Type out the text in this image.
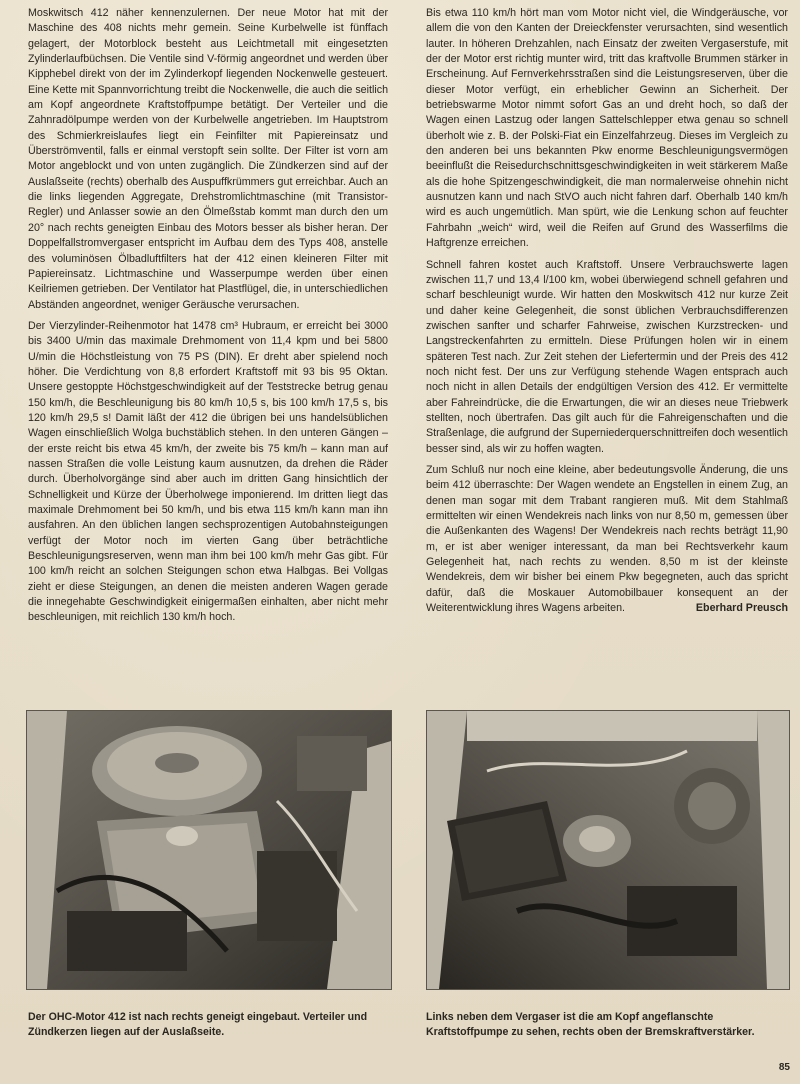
Moskwitsch 412 näher kennenzulernen. Der neue Motor hat mit der Maschine des 408 nichts mehr gemein. Seine Kurbelwelle ist fünffach gelagert, der Motorblock besteht aus Leichtmetall mit eingesetzten Zylinderlaufbüchsen. Die Ventile sind V-förmig angeordnet und werden über Kipphebel direkt von der im Zylinderkopf liegenden Nockenwelle gesteuert. Eine Kette mit Spannvorrichtung treibt die Nockenwelle, die auch die seitlich am Kopf angeordnete Kraftstoffpumpe betätigt. Der Verteiler und die Zahnradölpumpe werden von der Kurbelwelle angetrieben. Im Hauptstrom des Schmierkreislaufes liegt ein Feinfilter mit Papiereinsatz und Überströmventil, falls er einmal verstopft sein sollte. Der Filter ist vorn am Motor angeblockt und von unten zugänglich. Die Zündkerzen sind auf der Auslaßseite (rechts) oberhalb des Auspuffkrümmers gut erreichbar. Auch an die links liegenden Aggregate, Drehstromlichtmaschine (mit Transistor-Regler) und Anlasser sowie an den Ölmeßstab kommt man durch den um 20° nach rechts geneigten Einbau des Motors besser als bisher heran. Der Doppelfallstromvergaser entspricht im Aufbau dem des Typs 408, anstelle des voluminösen Ölbadluftfilters hat der 412 einen kleineren Filter mit Papiereinsatz. Lichtmaschine und Wasserpumpe werden über einen Keilriemen getrieben. Der Ventilator hat Plastflügel, die, in unterschiedlichen Abständen angeordnet, weniger Geräusche verursachen.

Der Vierzylinder-Reihenmotor hat 1478 cm³ Hubraum, er erreicht bei 3000 bis 3400 U/min das maximale Drehmoment von 11,4 kpm und bei 5800 U/min die Höchstleistung von 75 PS (DIN). Er dreht aber spielend noch höher. Die Verdichtung von 8,8 erfordert Kraftstoff mit 93 bis 95 Oktan. Unsere gestoppte Höchstgeschwindigkeit auf der Teststrecke betrug genau 150 km/h, die Beschleunigung bis 80 km/h 10,5 s, bis 100 km/h 17,5 s, bis 120 km/h 29,5 s! Damit läßt der 412 die übrigen bei uns handelsüblichen Wagen einschließlich Wolga buchstäblich stehen. In den unteren Gängen – der erste reicht bis etwa 45 km/h, der zweite bis 75 km/h – kann man auf nassen Straßen die volle Leistung kaum ausnutzen, da drehen die Räder durch. Überholvorgänge sind aber auch im dritten Gang hinsichtlich der Schnelligkeit und Kürze der Überholwege imponierend. Im dritten liegt das maximale Drehmoment bei 50 km/h, und bis etwa 115 km/h kann man ihn ausfahren. An den üblichen langen sechsprozentigen Autobahnsteigungen verfügt der Motor noch im vierten Gang über beträchtliche Beschleunigungsreserven, wenn man ihm bei 100 km/h mehr Gas gibt. Für 100 km/h reicht an solchen Steigungen schon etwa Halbgas. Bei Vollgas zieht er diese Steigungen, an denen die meisten anderen Wagen gerade die innegehabte Geschwindigkeit einigermaßen einhalten, aber nicht mehr beschleunigen, mit reichlich 130 km/h hoch.

Bis etwa 110 km/h hört man vom Motor nicht viel, die Windgeräusche, vor allem die von den Kanten der Dreieckfenster verursachten, sind wesentlich lauter. In höheren Drehzahlen, nach Einsatz der zweiten Vergaserstufe, mit der der Motor erst richtig munter wird, tritt das kraftvolle Brummen stärker in Erscheinung. Auf Fernverkehrsstraßen sind die Leistungsreserven, über die dieser Motor verfügt, ein erheblicher Gewinn an Sicherheit. Der betriebswarme Motor nimmt sofort Gas an und dreht hoch, so daß der Wagen einen Lastzug oder langen Sattelschlepper etwa genau so schnell überholt wie z. B. der Polski-Fiat ein Einzelfahrzeug. Dieses im Vergleich zu den anderen bei uns bekannten Pkw enorme Beschleunigungsvermögen beeinflußt die Reisedurchschnittsgeschwindigkeiten in weit stärkerem Maße als die hohe Spitzengeschwindigkeit, die man normalerweise ohnehin nicht ausnutzen kann und nach StVO auch nicht fahren darf. Oberhalb 140 km/h wird es auch ungemütlich. Man spürt, wie die Lenkung schon auf feuchter Fahrbahn „weich“ wird, weil die Reifen auf Grund des Wasserfilms die Haftgrenze erreichen.

Schnell fahren kostet auch Kraftstoff. Unsere Verbrauchswerte lagen zwischen 11,7 und 13,4 l/100 km, wobei überwiegend schnell gefahren und scharf beschleunigt wurde. Wir hatten den Moskwitsch 412 nur kurze Zeit und daher keine Gelegenheit, die sonst üblichen Verbrauchsdifferenzen zwischen sanfter und scharfer Fahrweise, zwischen Kurzstrecken- und Langstreckenfahrten zu ermitteln. Diese Prüfungen holen wir in einem späteren Test nach. Zur Zeit stehen der Liefertermin und der Preis des 412 noch nicht fest. Der uns zur Verfügung stehende Wagen entsprach auch noch nicht in allen Details der endgültigen Version des 412. Er vermittelte aber Fahreindrücke, die die Erwartungen, die wir an dieses neue Triebwerk stellten, noch übertrafen. Das gilt auch für die Fahreigenschaften und die Straßenlage, die aufgrund der Superniederquerschnittreifen doch wesentlich besser sind, als wir zu hoffen wagten.

Zum Schluß nur noch eine kleine, aber bedeutungsvolle Änderung, die uns beim 412 überraschte: Der Wagen wendete an Engstellen in einem Zug, an denen man sogar mit dem Trabant rangieren muß. Mit dem Stahlmaß ermittelten wir einen Wendekreis nach links von nur 8,50 m, gemessen über die Außenkanten des Wagens! Der Wendekreis nach rechts beträgt 11,90 m, er ist aber weniger interessant, da man bei Rechtsverkehr kaum Gelegenheit hat, nach rechts zu wenden. 8,50 m ist der kleinste Wendekreis, dem wir bisher bei einem Pkw begegneten, auch das spricht dafür, daß die Moskauer Automobilbauer konsequent an der Weiterentwicklung ihres Wagens arbeiten.	Eberhard Preusch
Der OHC-Motor 412 ist nach rechts geneigt eingebaut. Verteiler und Zündkerzen liegen auf der Auslaßseite.
Links neben dem Vergaser ist die am Kopf angeflanschte Kraftstoffpumpe zu sehen, rechts oben der Bremskraftverstärker.
85
